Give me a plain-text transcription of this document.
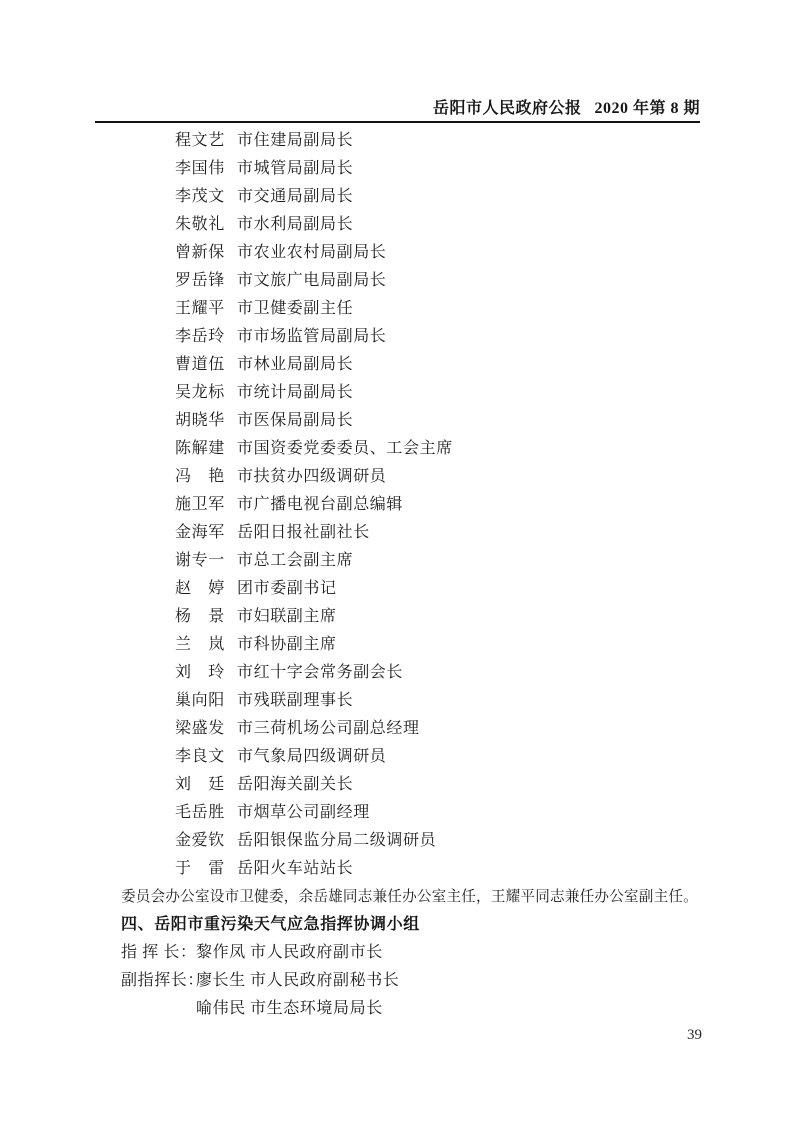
岳阳市人民政府公报 2020 年第 8 期
程文艺 市住建局副局长
李国伟 市城管局副局长
李茂文 市交通局副局长
朱敬礼 市水利局副局长
曾新保 市农业农村局副局长
罗岳锋 市文旅广电局副局长
王耀平 市卫健委副主任
李岳玲 市市场监管局副局长
曹道伍 市林业局副局长
吴龙标 市统计局副局长
胡晓华 市医保局副局长
陈解建 市国资委党委委员、工会主席
冯　艳 市扶贫办四级调研员
施卫军 市广播电视台副总编辑
金海军 岳阳日报社副社长
谢专一 市总工会副主席
赵　婷 团市委副书记
杨　景 市妇联副主席
兰　岚 市科协副主席
刘　玲 市红十字会常务副会长
巢向阳 市残联副理事长
梁盛发 市三荷机场公司副总经理
李良文 市气象局四级调研员
刘　廷 岳阳海关副关长
毛岳胜 市烟草公司副经理
金爱钦 岳阳银保监分局二级调研员
于　雷 岳阳火车站站长

委员会办公室设市卫健委，余岳雄同志兼任办公室主任，王耀平同志兼任办公室副主任。

四、岳阳市重污染天气应急指挥协调小组
指 挥 长： 黎作凤 市人民政府副市长
副指挥长：
廖长生 市人民政府副秘书长
喻伟民 市生态环境局局长
39
